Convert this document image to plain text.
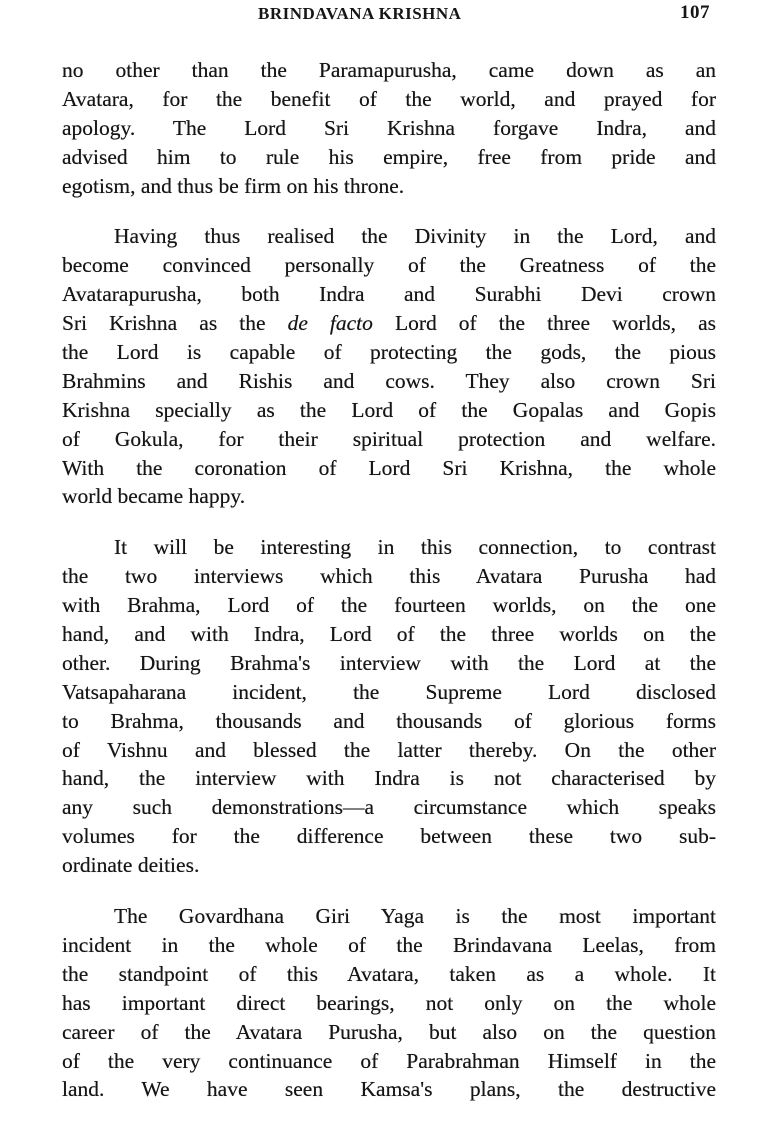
BRINDAVANA KRISHNA	107
no other than the Paramapurusha, came down as an
Avatara, for the benefit of the world, and prayed for
apology. The Lord Sri Krishna forgave Indra, and
advised him to rule his empire, free from pride and
egotism, and thus be firm on his throne.
Having thus realised the Divinity in the Lord, and
become convinced personally of the Greatness of the
Avatarapurusha, both Indra and Surabhi Devi crown
Sri Krishna as the de facto Lord of the three worlds, as
the Lord is capable of protecting the gods, the pious
Brahmins and Rishis and cows. They also crown Sri
Krishna specially as the Lord of the Gopalas and Gopis
of Gokula, for their spiritual protection and welfare.
With the coronation of Lord Sri Krishna, the whole
world became happy.
It will be interesting in this connection, to contrast
the two interviews which this Avatara Purusha had
with Brahma, Lord of the fourteen worlds, on the one
hand, and with Indra, Lord of the three worlds on the
other. During Brahma's interview with the Lord at the
Vatsapaharana incident, the Supreme Lord disclosed
to Brahma, thousands and thousands of glorious forms
of Vishnu and blessed the latter thereby. On the other
hand, the interview with Indra is not characterised by
any such demonstrations—a circumstance which speaks
volumes for the difference between these two sub-
ordinate deities.
The Govardhana Giri Yaga is the most important
incident in the whole of the Brindavana Leelas, from
the standpoint of this Avatara, taken as a whole. It
has important direct bearings, not only on the whole
career of the Avatara Purusha, but also on the question
of the very continuance of Parabrahman Himself in the
land. We have seen Kamsa's plans, the destructive
